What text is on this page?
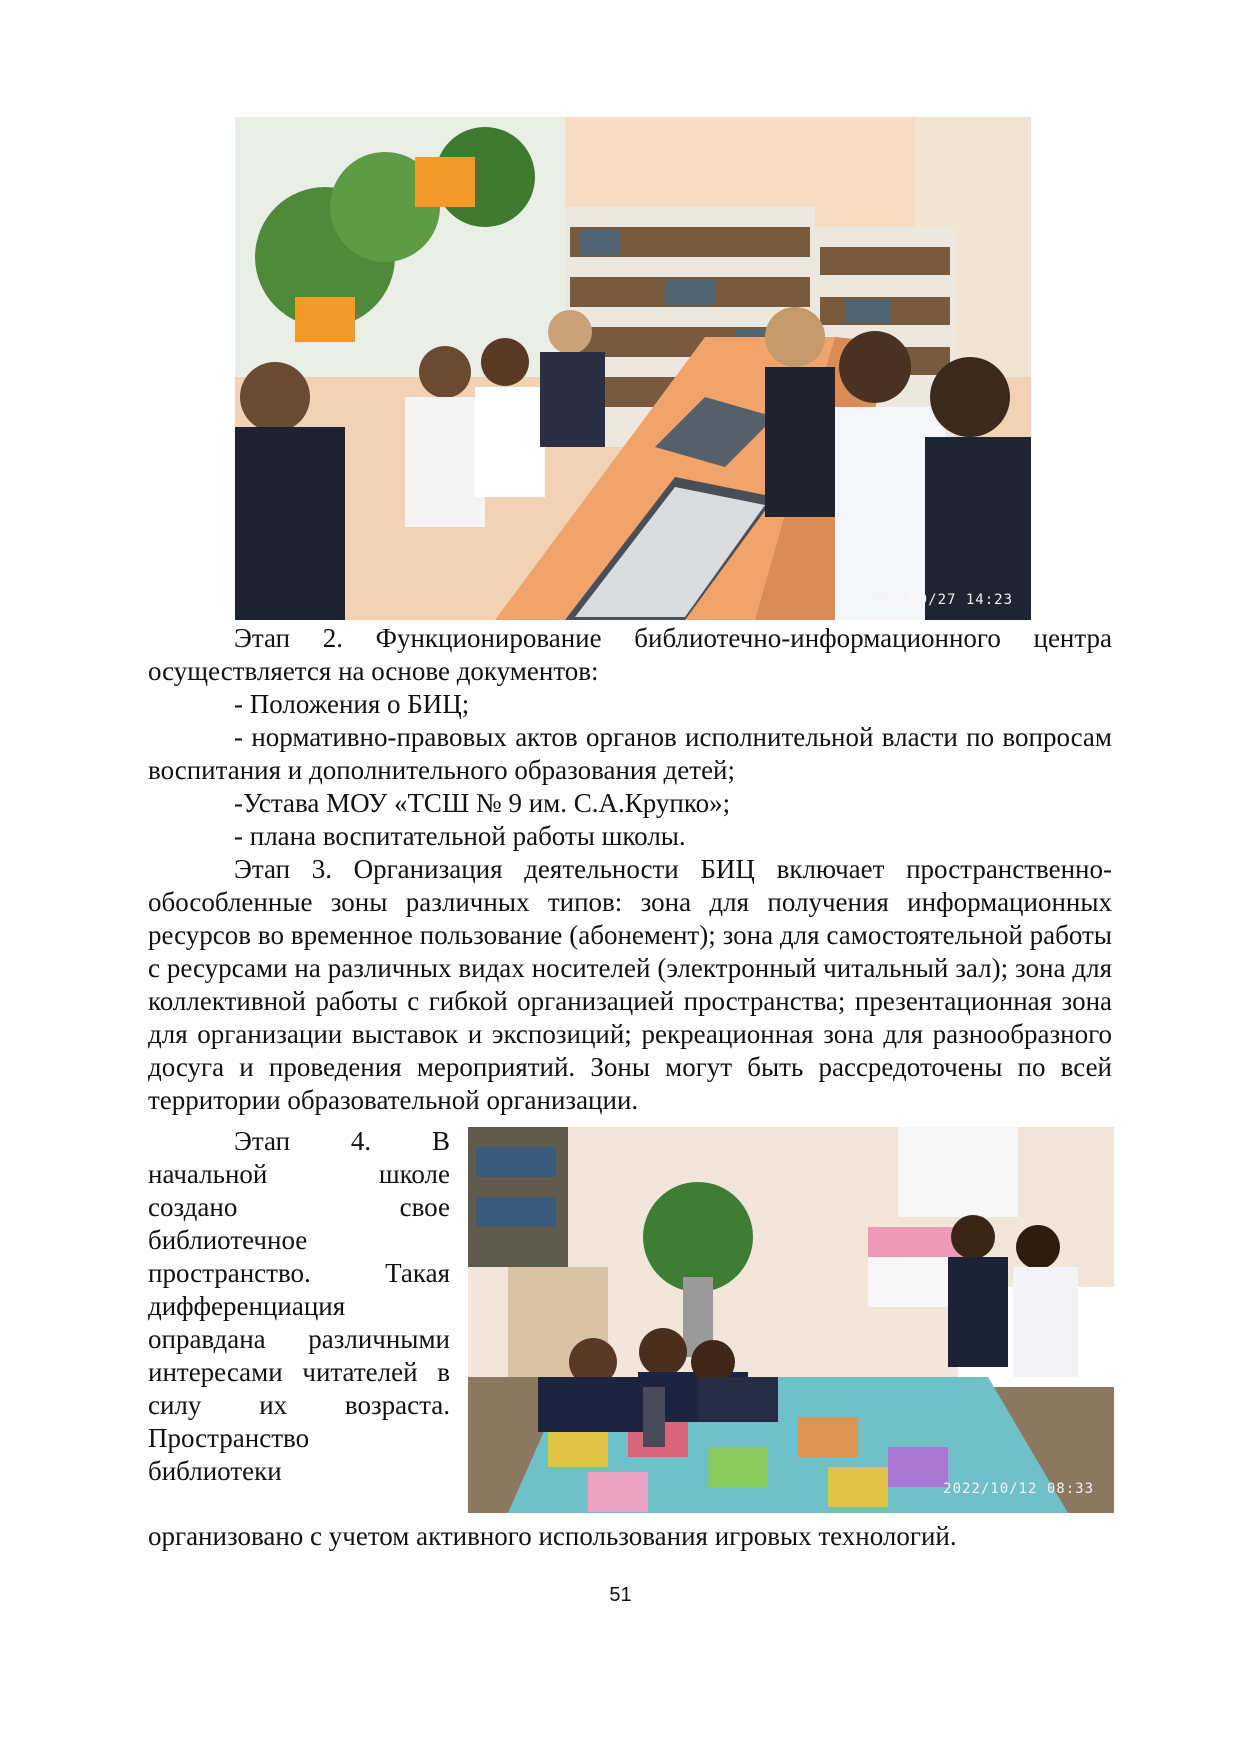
2022/9/27 14:23

Этап 2. Функционирование библиотечно-информационного центра осуществляется на основе документов:

- Положения о БИЦ;

- нормативно-правовых актов органов исполнительной власти по вопросам воспитания и дополнительного образования детей;

-Устава МОУ «ТСШ № 9 им. С.А.Крупко»;

- плана воспитательной работы школы.

Этап 3. Организация деятельности БИЦ включает пространственно-обособленные зоны различных типов: зона для получения информационных ресурсов во временное пользование (абонемент); зона для самостоятельной работы с ресурсами на различных видах носителей (электронный читальный зал); зона для коллективной работы с гибкой организацией пространства; презентационная зона для организации выставок и экспозиций; рекреационная зона для разнообразного досуга и проведения мероприятий. Зоны могут быть рассредоточены по всей территории образовательной организации.

2022/10/12 08:33

Этап 4. В

начальной школе

создано свое

библиотечное

пространство. Такая

дифференциация

оправдана различными

интересами читателей в

силу их возраста.

Пространство

библиотеки

организовано с учетом активного использования игровых технологий.

51
